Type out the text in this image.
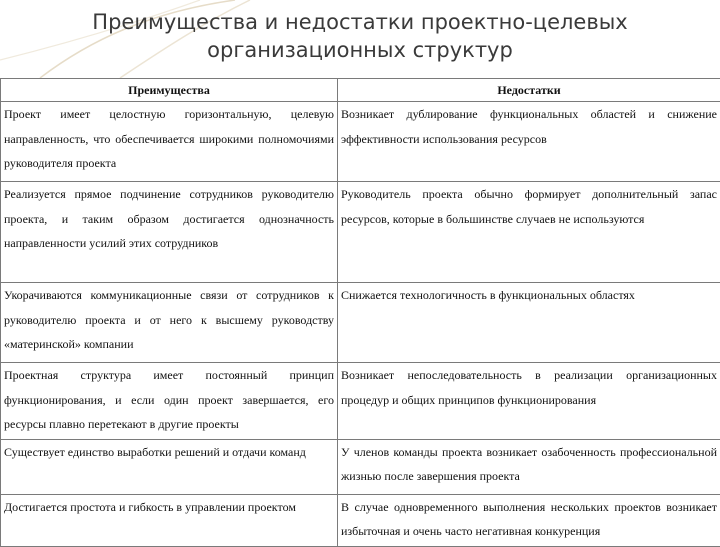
Преимущества и недостатки проектно-целевых
организационных структур
Преимущества	Недостатки
Проект имеет целостную горизонтальную, целевую направленность, что обеспечивается широкими полномочиями руководителя проекта	Возникает дублирование функциональных областей и снижение эффективности использования ресурсов
Реализуется прямое подчинение сотрудников руководителю проекта, и таким образом достигается однозначность направленности усилий этих сотрудников	Руководитель проекта обычно формирует дополнительный запас ресурсов, которые в большинстве случаев не используются
Укорачиваются коммуникационные связи от сотрудников к руководителю проекта и от него к высшему руководству «материнской» компании	Снижается технологичность в функциональных областях
Проектная структура имеет постоянный принцип функционирования, и если один проект завершается, его ресурсы плавно перетекают в другие проекты	Возникает непоследовательность в реализации организационных процедур и общих принципов функционирования
Существует единство выработки решений и отдачи команд	У членов команды проекта возникает озабоченность профессиональной жизнью после завершения проекта
Достигается простота и гибкость в управлении проектом	В случае одновременного выполнения нескольких проектов возникает избыточная и очень часто негативная конкуренция
